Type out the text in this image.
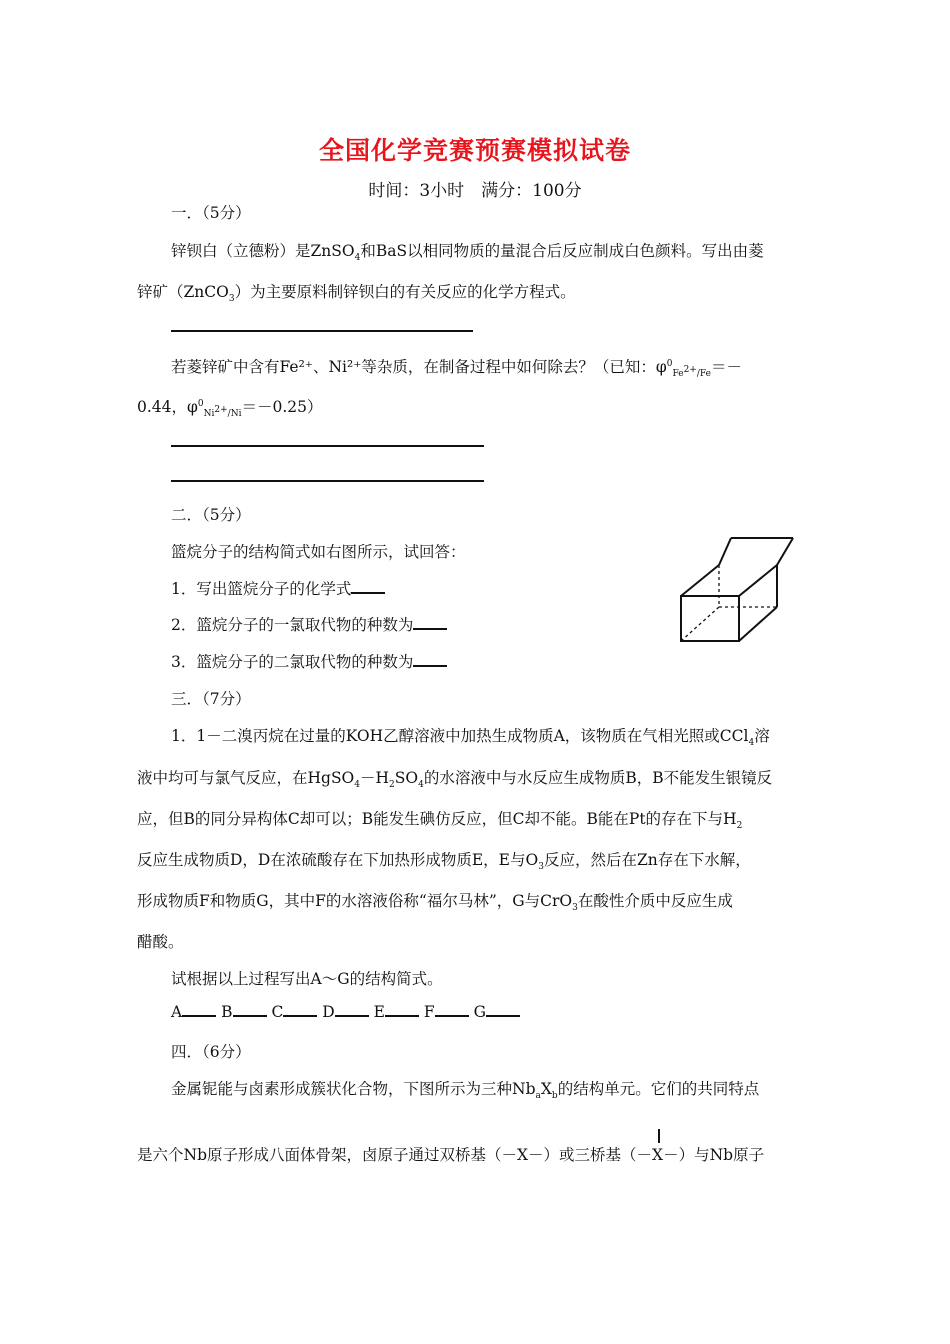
全国化学竞赛预赛模拟试卷
时间：3小时　满分：100分
一．（5分）
锌钡白（立德粉）是ZnSO$_4$和BaS以相同物质的量混合后反应制成白色颜料。写出由菱
锌矿（ZnCO$_3$）为主要原料制锌钡白的有关反应的化学方程式。
若菱锌矿中含有Fe²⁺、Ni²⁺等杂质，在制备过程中如何除去？（已知：$\varphi^0_{Fe^{2+}/Fe}=-$
0.44，$\varphi^0_{Ni^{2+}/Ni}=-0.25$）
二．（5分）
篮烷分子的结构简式如右图所示，试回答：
1．写出篮烷分子的化学式
2．篮烷分子的一氯取代物的种数为
3．篮烷分子的二氯取代物的种数为
三．（7分）
1．1－二溴丙烷在过量的KOH乙醇溶液中加热生成物质A，该物质在气相光照或CCl$_4$溶
液中均可与氯气反应，在$HgSO_4-H_2SO_4$的水溶液中与水反应生成物质B，B不能发生银镜反
应，但B的同分异构体C却可以；B能发生碘仿反应，但C却不能。B能在Pt的存在下与$H_2$
反应生成物质D，D在浓硫酸存在下加热形成物质E，E与$O_3$反应，然后在Zn存在下水解，
形成物质F和物质G，其中F的水溶液俗称“福尔马林”，G与CrO$_3$在酸性介质中反应生成
醋酸。
试根据以上过程写出A～G的结构简式。
A	B	C	D	E	F	G
四．（6分）
金属铌能与卤素形成簇状化合物，下图所示为三种$Nb_aX_b$的结构单元。它们的共同特点
是六个Nb原子形成八面体骨架，卤原子通过双桥基（－X－）或三桥基（
－X－）与Nb原子
